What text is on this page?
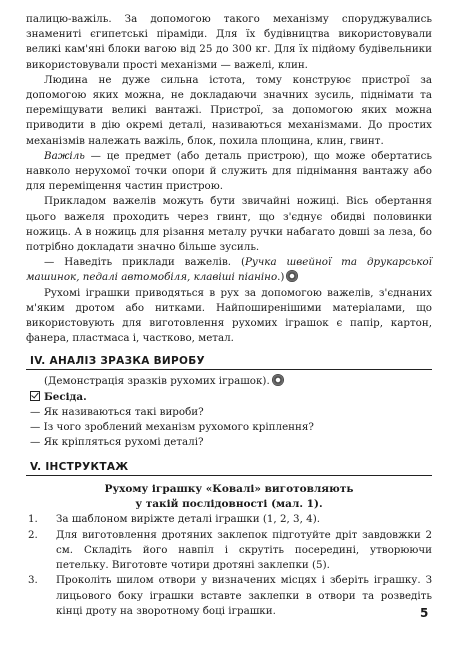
палицю-важіль. За допомогою такого механізму споруджувались знамениті єгипетські піраміди. Для їх будівництва використовували великі кам'яні блоки вагою від 25 до 300 кг. Для їх підйому будівельники використовували прості механізми — важелі, клин.

Людина не дуже сильна істота, тому конструює пристрої за допомогою яких можна, не докладаючи значних зусиль, піднімати та переміщувати великі вантажі. Пристрої, за допомогою яких можна приводити в дію окремі деталі, називаються механізмами. До простих механізмів належать важіль, блок, похила площина, клин, гвинт.

Важіль — це предмет (або деталь пристрою), що може обертатись навколо нерухомої точки опори й служить для піднімання вантажу або для переміщення частин пристрою.

Прикладом важелів можуть бути звичайні ножиці. Вісь обертання цього важеля проходить через гвинт, що з'єднує обидві половинки ножиць. А в ножиць для різання металу ручки набагато довші за леза, бо потрібно докладати значно більше зусиль.

— Наведіть приклади важелів. (Ручка швейної та друкарської машинок, педалі автомобіля, клавіші піаніно.)

Рухомі іграшки приводяться в рух за допомогою важелів, з'єднаних м'яким дротом або нитками. Найпоширенішими матеріалами, що використовують для виготовлення рухомих іграшок є папір, картон, фанера, пластмаса і, частково, метал.

IV. АНАЛІЗ ЗРАЗКА ВИРОБУ

(Демонстрація зразків рухомих іграшок).

Бесіда.
— Як називаються такі вироби?
— Із чого зроблений механізм рухомого кріплення?
— Як кріпляться рухомі деталі?
V. ІНСТРУКТАЖ
Рухому іграшку «Ковалі» виготовляють
у такій послідовності (мал. 1).
1. За шаблоном виріжте деталі іграшки (1, 2, 3, 4).
2. Для виготовлення дротяних заклепок підготуйте дріт завдовжки 2 см. Складіть його навпіл і скрутіть посередині, утворюючи петельку. Виготовте чотири дротяні заклепки (5).
3. Проколіть шилом отвори у визначених місцях і зберіть іграшку. З лицьового боку іграшки вставте заклепки в отвори та розведіть кінці дроту на зворотному боці іграшки.	5
